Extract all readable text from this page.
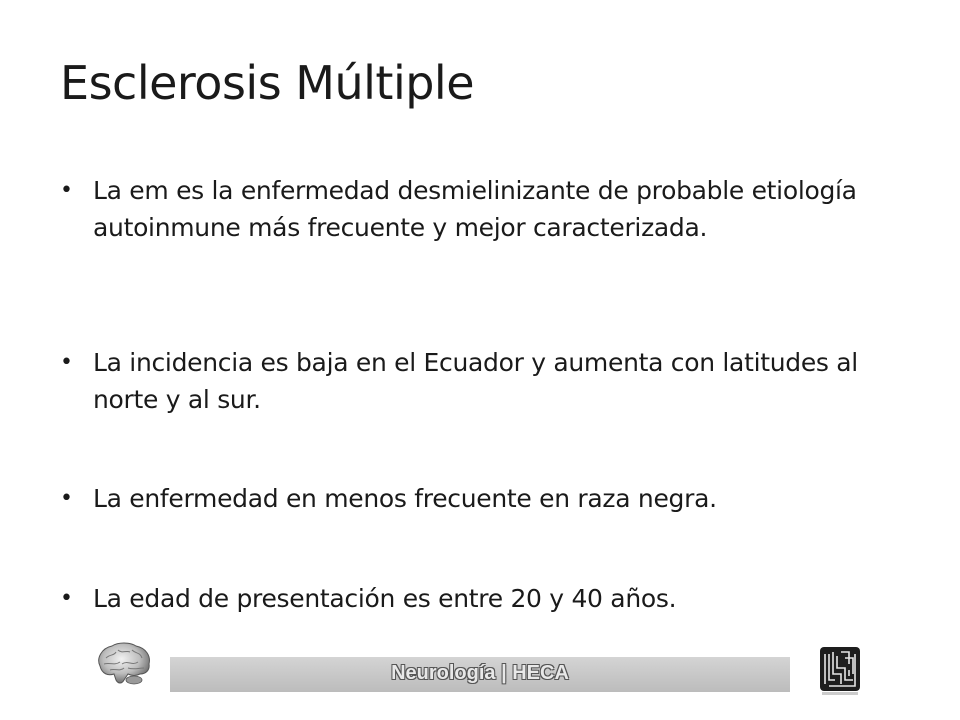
Esclerosis Múltiple
• La em es la enfermedad desmielinizante de probable etiología autoinmune más frecuente y mejor caracterizada.
• La incidencia es baja en el Ecuador y aumenta con latitudes al norte y al sur.
• La enfermedad en menos frecuente en raza negra.
• La edad de presentación es entre 20 y 40 años.
Neurología | HECA
